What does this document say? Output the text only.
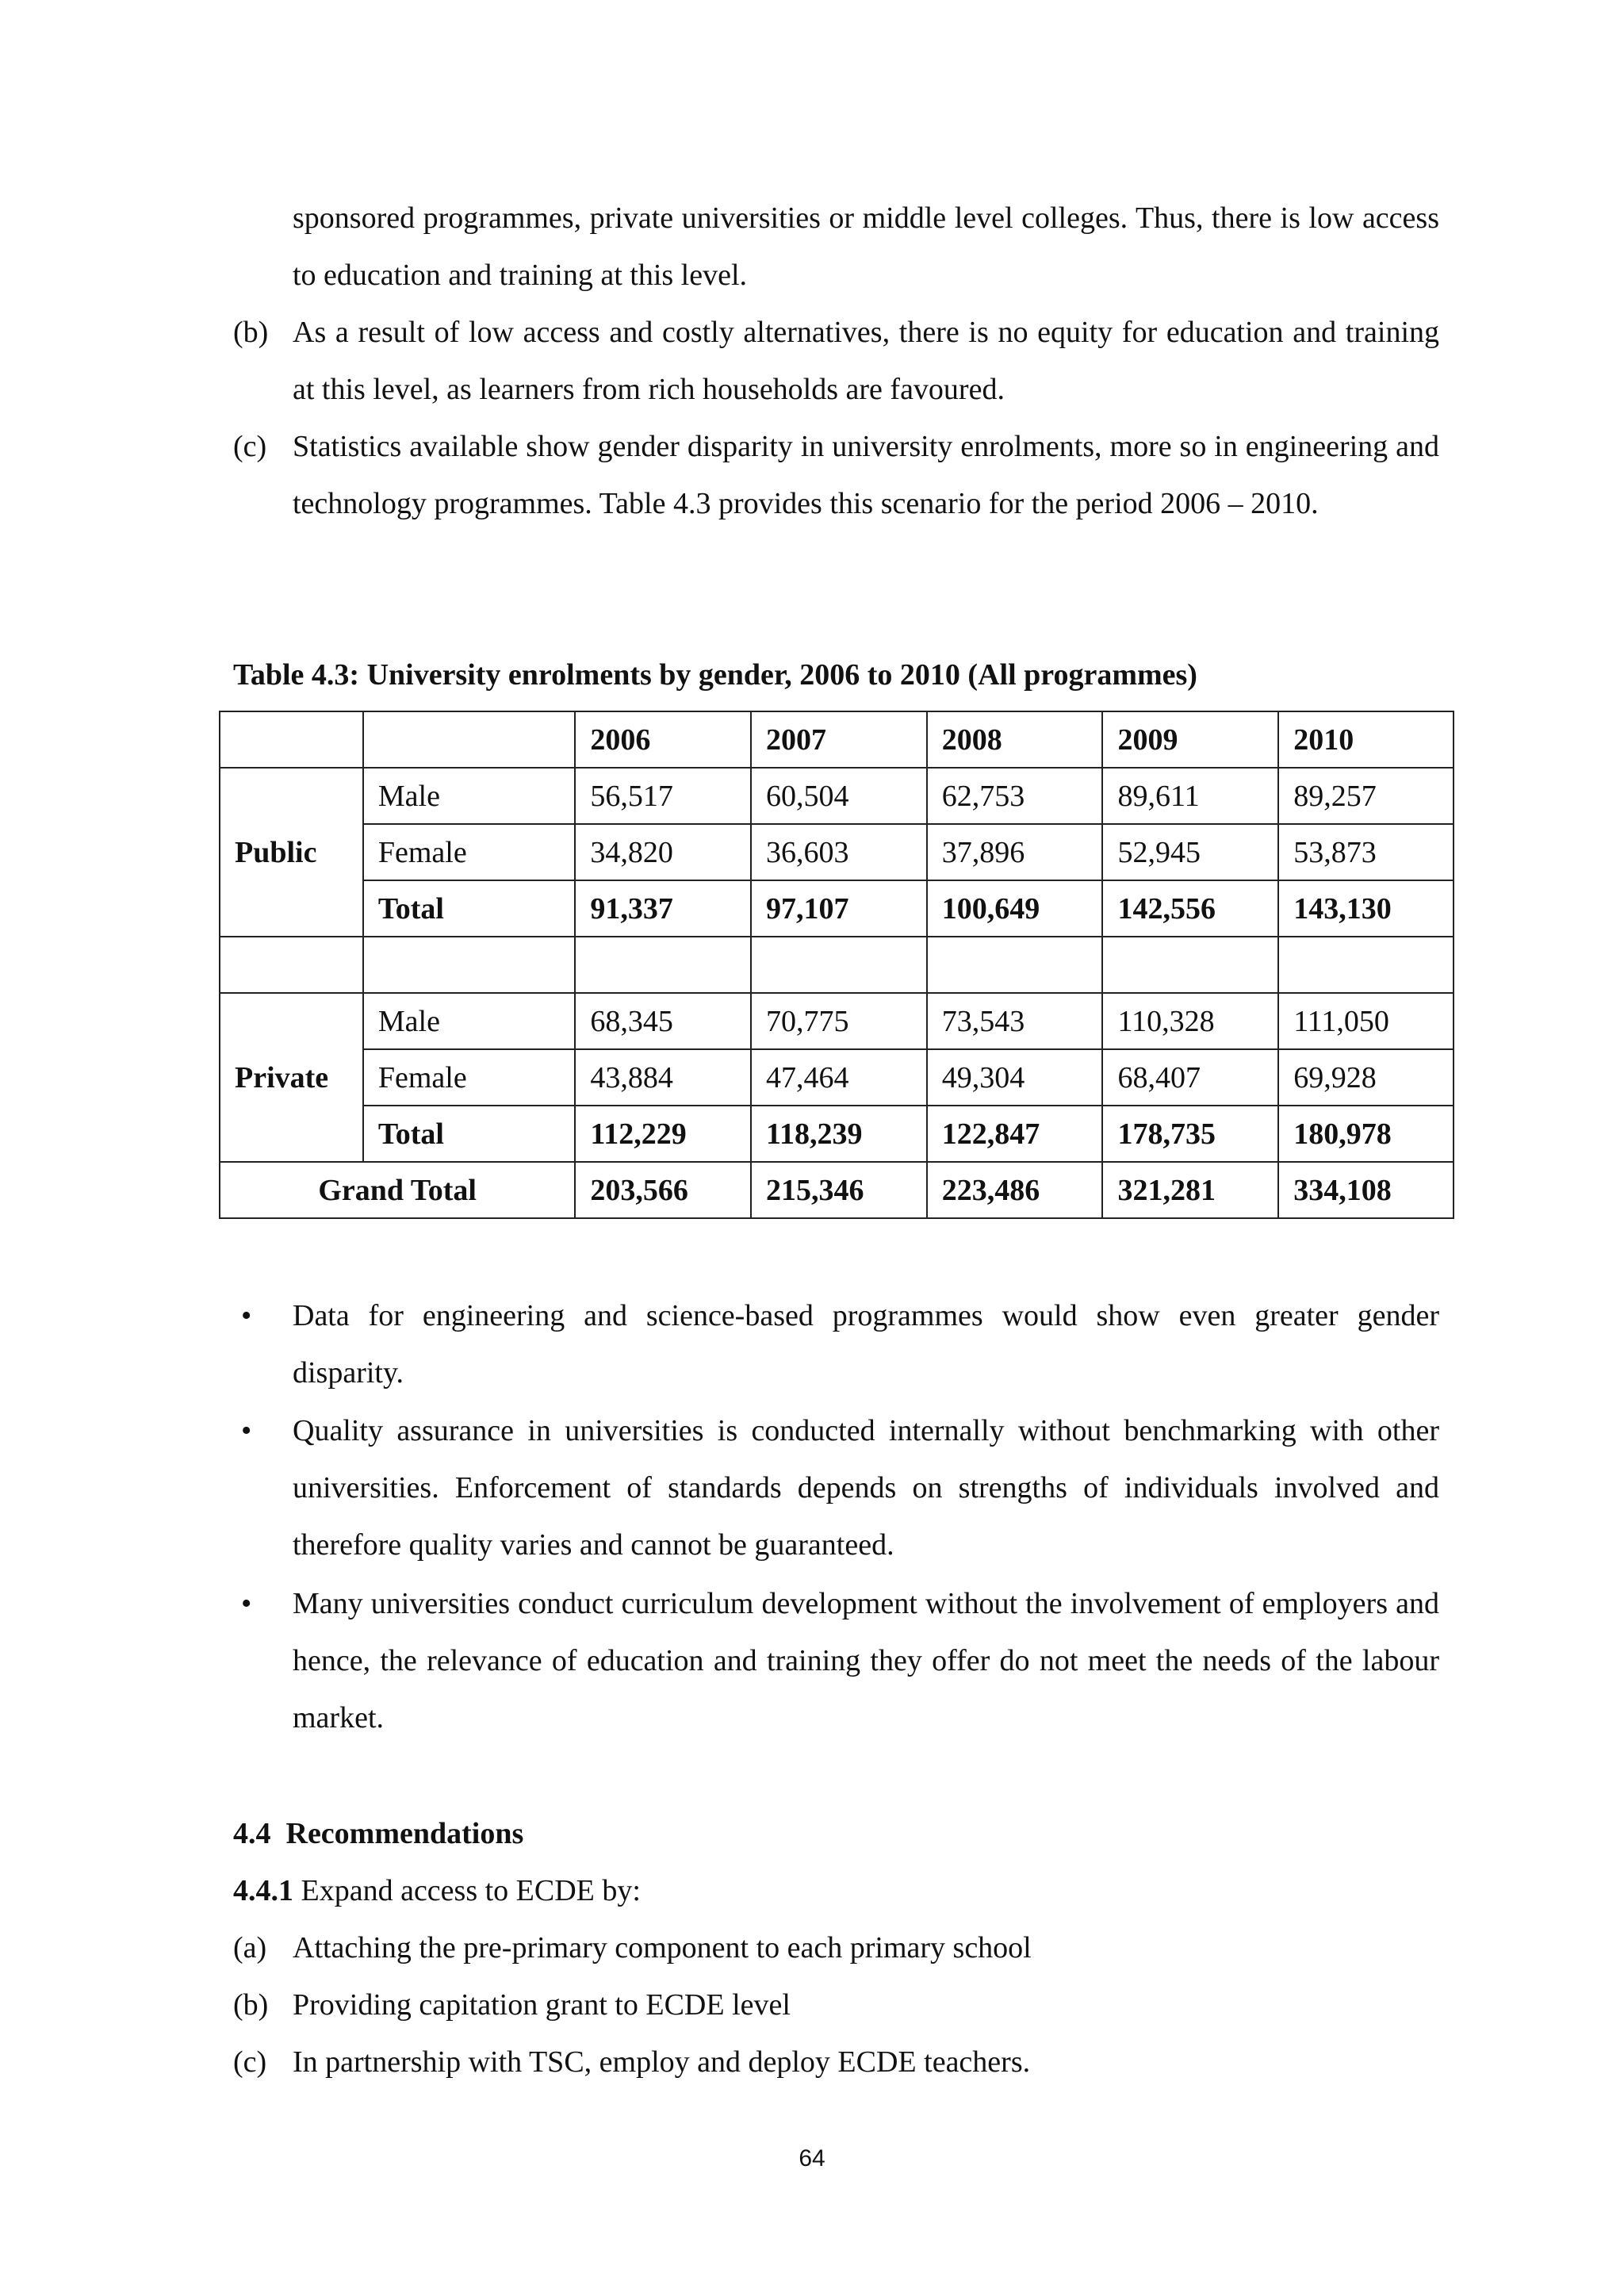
sponsored programmes, private universities or middle level colleges. Thus, there is low access to education and training at this level.
(b) As a result of low access and costly alternatives, there is no equity for education and training at this level, as learners from rich households are favoured.
(c) Statistics available show gender disparity in university enrolments, more so in engineering and technology programmes. Table 4.3 provides this scenario for the period 2006 – 2010.
Table 4.3: University enrolments by gender, 2006 to 2010 (All programmes)
		2006	2007	2008	2009	2010
Public	Male	56,517	60,504	62,753	89,611	89,257
	Female	34,820	36,603	37,896	52,945	53,873
	Total	91,337	97,107	100,649	142,556	143,130

Private	Male	68,345	70,775	73,543	110,328	111,050
	Female	43,884	47,464	49,304	68,407	69,928
	Total	112,229	118,239	122,847	178,735	180,978
Grand Total		203,566	215,346	223,486	321,281	334,108
• Data for engineering and science-based programmes would show even greater gender disparity.
• Quality assurance in universities is conducted internally without benchmarking with other universities. Enforcement of standards depends on strengths of individuals involved and therefore quality varies and cannot be guaranteed.
• Many universities conduct curriculum development without the involvement of employers and hence, the relevance of education and training they offer do not meet the needs of the labour market.
4.4  Recommendations
4.4.1 Expand access to ECDE by:
(a) Attaching the pre-primary component to each primary school
(b) Providing capitation grant to ECDE level
(c) In partnership with TSC, employ and deploy ECDE teachers.
64
